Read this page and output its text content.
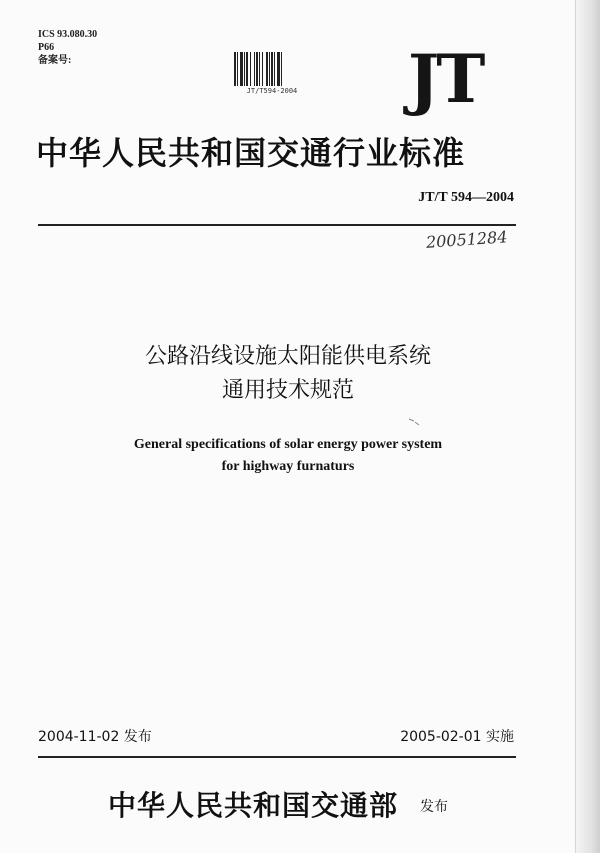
ICS 93.080.30
P66
备案号:
JT/T594-2004 JT
中华人民共和国交通行业标准
JT/T 594—2004
20051284
公路沿线设施太阳能供电系统
通用技术规范
General specifications of solar energy power system
for highway furnaturs
2004-11-02 发布	2005-02-01 实施
中华人民共和国交通部 发布
